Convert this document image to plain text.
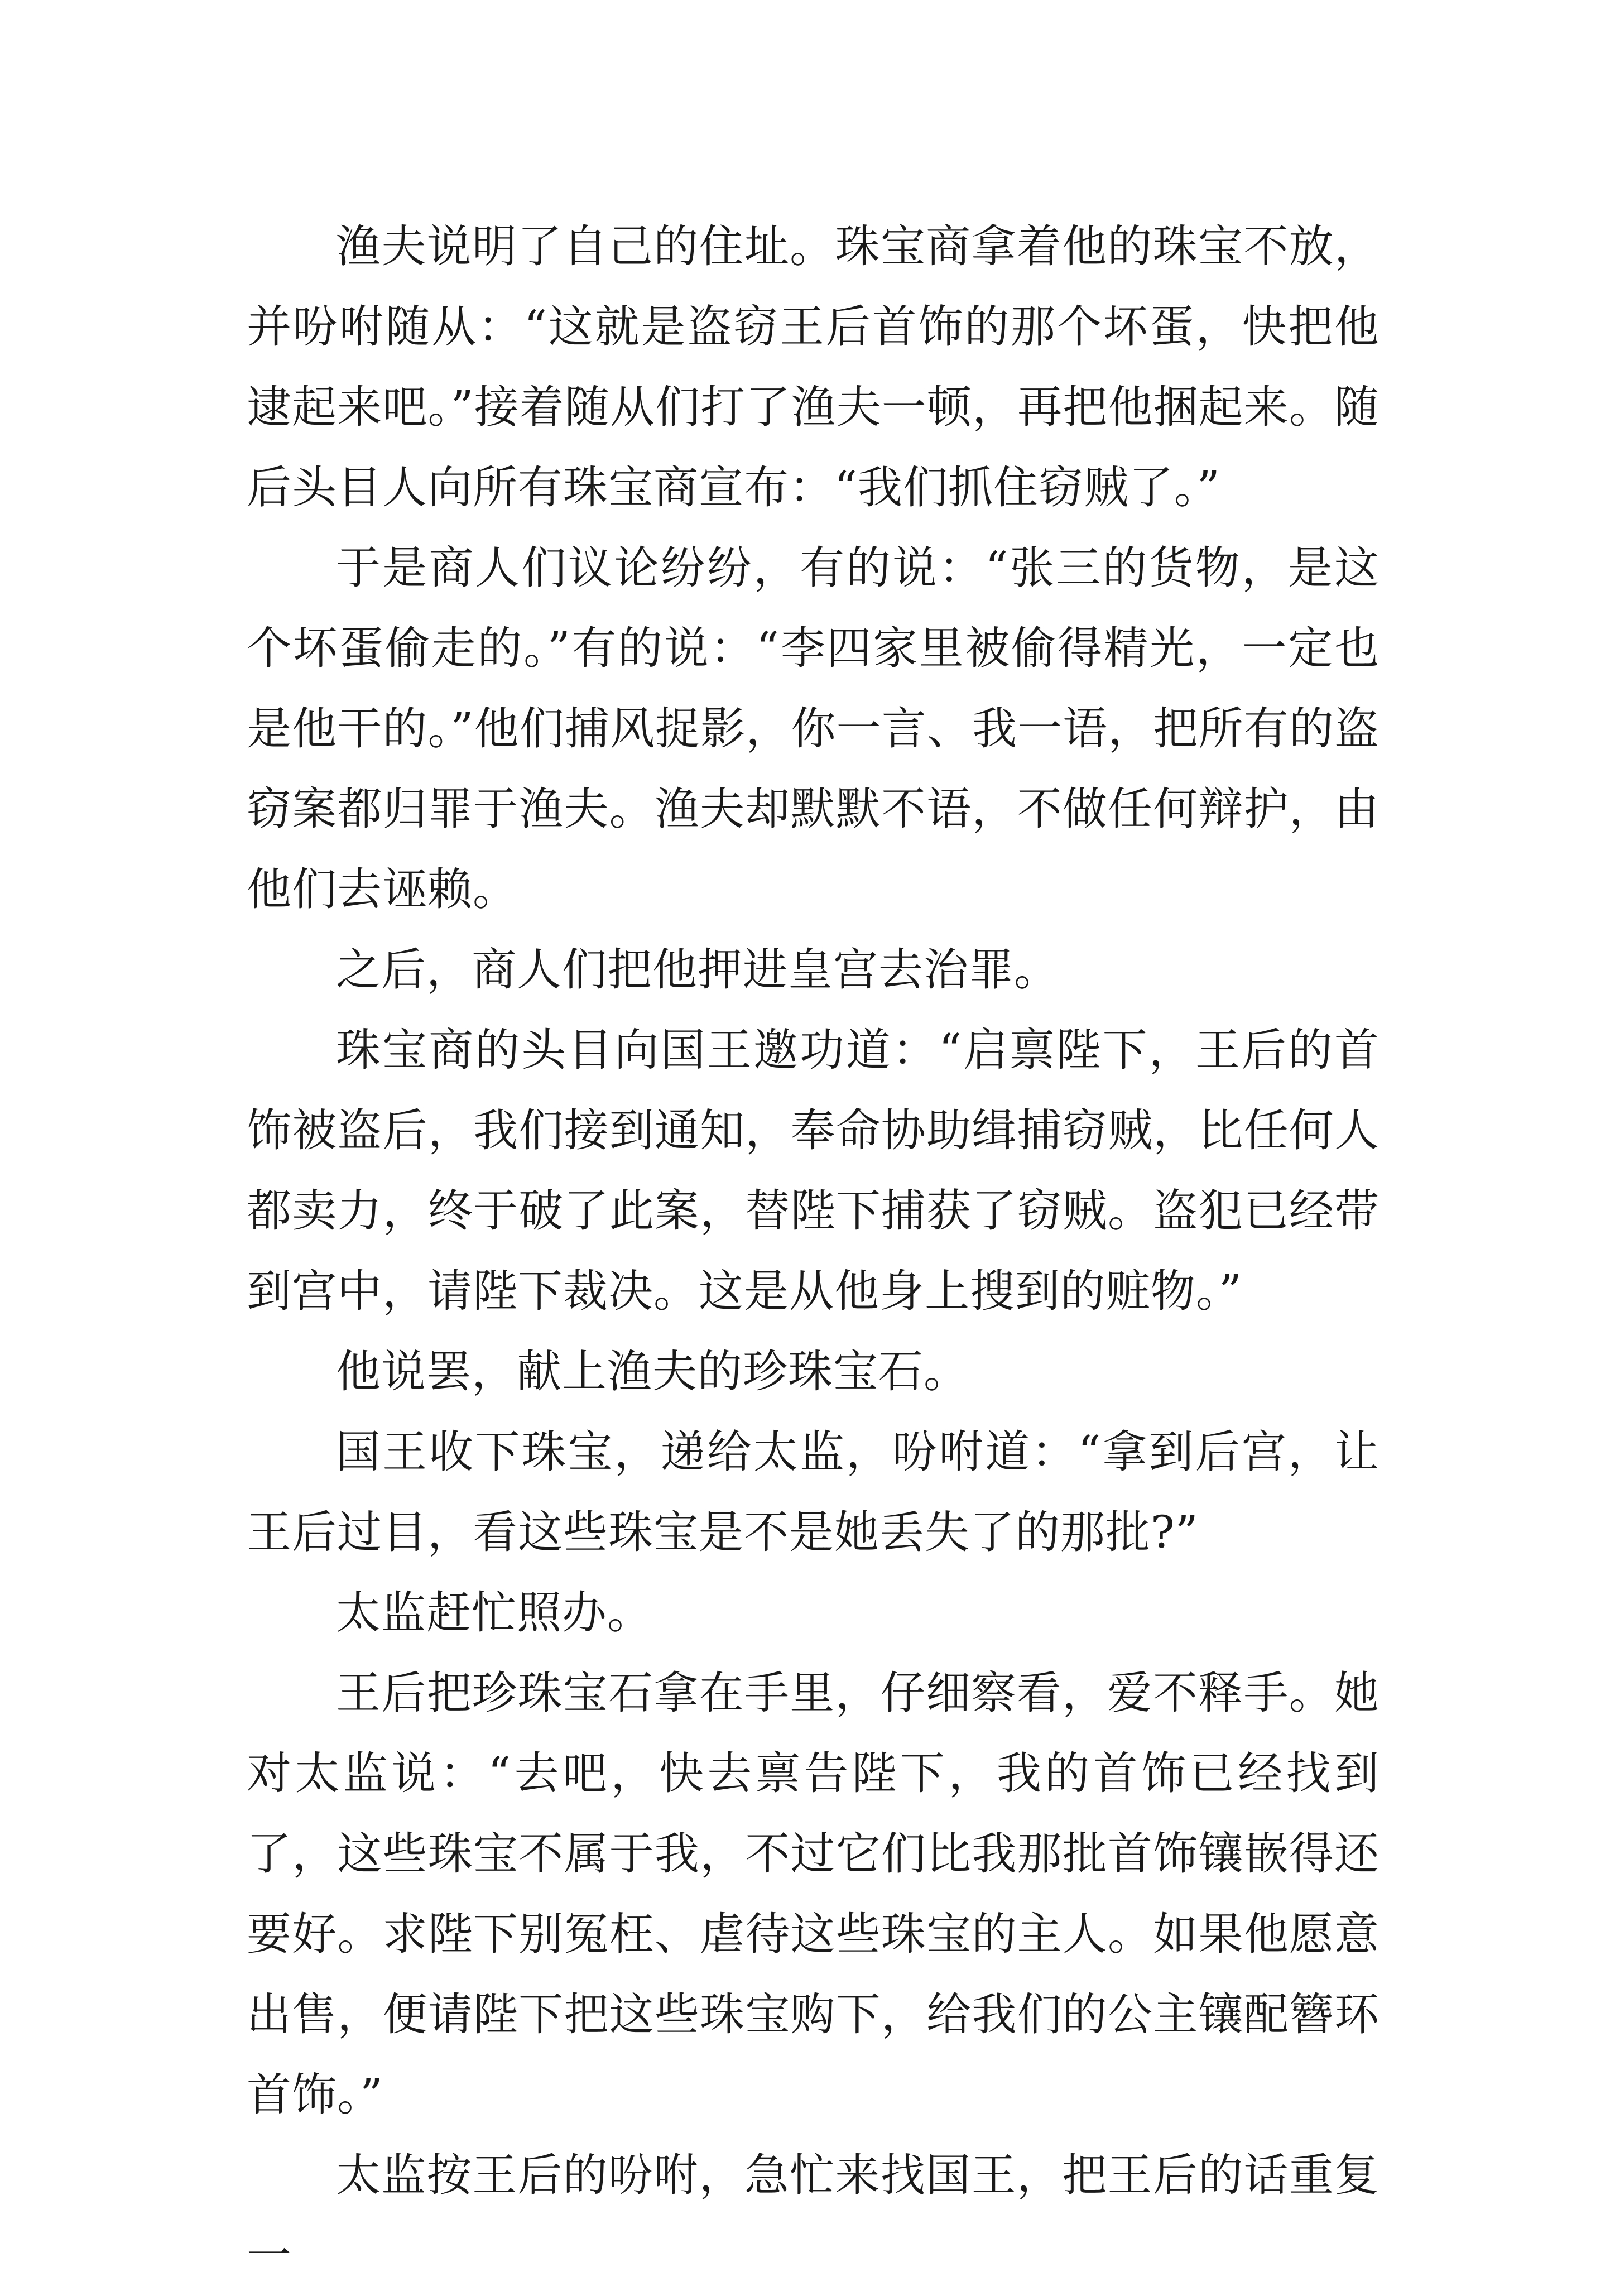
渔夫说明了自己的住址。珠宝商拿着他的珠宝不放，并吩咐随从：“这就是盗窃王后首饰的那个坏蛋，快把他逮起来吧。”接着随从们打了渔夫一顿，再把他捆起来。随后头目人向所有珠宝商宣布：“我们抓住窃贼了。”

于是商人们议论纷纷，有的说：“张三的货物，是这个坏蛋偷走的。”有的说：“李四家里被偷得精光，一定也是他干的。”他们捕风捉影，你一言、我一语，把所有的盗窃案都归罪于渔夫。渔夫却默默不语，不做任何辩护，由他们去诬赖。

之后，商人们把他押进皇宫去治罪。

珠宝商的头目向国王邀功道：“启禀陛下，王后的首饰被盗后，我们接到通知，奉命协助缉捕窃贼，比任何人都卖力，终于破了此案，替陛下捕获了窃贼。盗犯已经带到宫中，请陛下裁决。这是从他身上搜到的赃物。”

他说罢，献上渔夫的珍珠宝石。

国王收下珠宝，递给太监，吩咐道：“拿到后宫，让王后过目，看这些珠宝是不是她丢失了的那批?”

太监赶忙照办。

王后把珍珠宝石拿在手里，仔细察看，爱不释手。她对太监说：“去吧，快去禀告陛下，我的首饰已经找到了，这些珠宝不属于我，不过它们比我那批首饰镶嵌得还要好。求陛下别冤枉、虐待这些珠宝的主人。如果他愿意出售，便请陛下把这些珠宝购下，给我们的公主镶配簪环首饰。”

太监按王后的吩咐，急忙来找国王，把王后的话重复一
